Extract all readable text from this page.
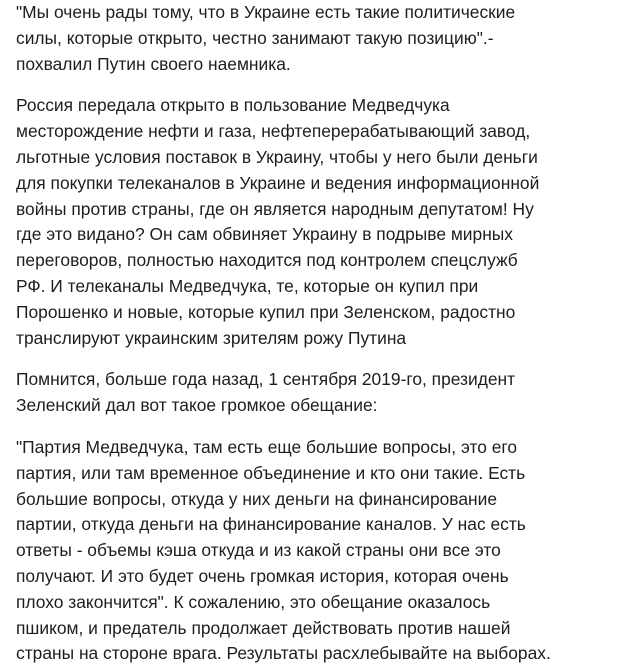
"Мы очень рады тому, что в Украине есть такие политические
силы, которые открыто, честно занимают такую позицию".-
похвалил Путин своего наемника.

Россия передала открыто в пользование Медведчука
месторождение нефти и газа, нефтеперерабатывающий завод,
льготные условия поставок в Украину, чтобы у него были деньги
для покупки телеканалов в Украине и ведения информационной
войны против страны, где он является народным депутатом! Ну
где это видано? Он сам обвиняет Украину в подрыве мирных
переговоров, полностью находится под контролем спецслужб
РФ. И телеканалы Медведчука, те, которые он купил при
Порошенко и новые, которые купил при Зеленском, радостно
транслируют украинским зрителям рожу Путина

Помнится, больше года назад, 1 сентября 2019-го, президент
Зеленский дал вот такое громкое обещание:

"Партия Медведчука, там есть еще большие вопросы, это его
партия, или там временное объединение и кто они такие. Есть
большие вопросы, откуда у них деньги на финансирование
партии, откуда деньги на финансирование каналов. У нас есть
ответы - объемы кэша откуда и из какой страны они все это
получают. И это будет очень громкая история, которая очень
плохо закончится". К сожалению, это обещание оказалось
пшиком, и предатель продолжает действовать против нашей
страны на стороне врага. Результаты расхлебывайте на выборах.
